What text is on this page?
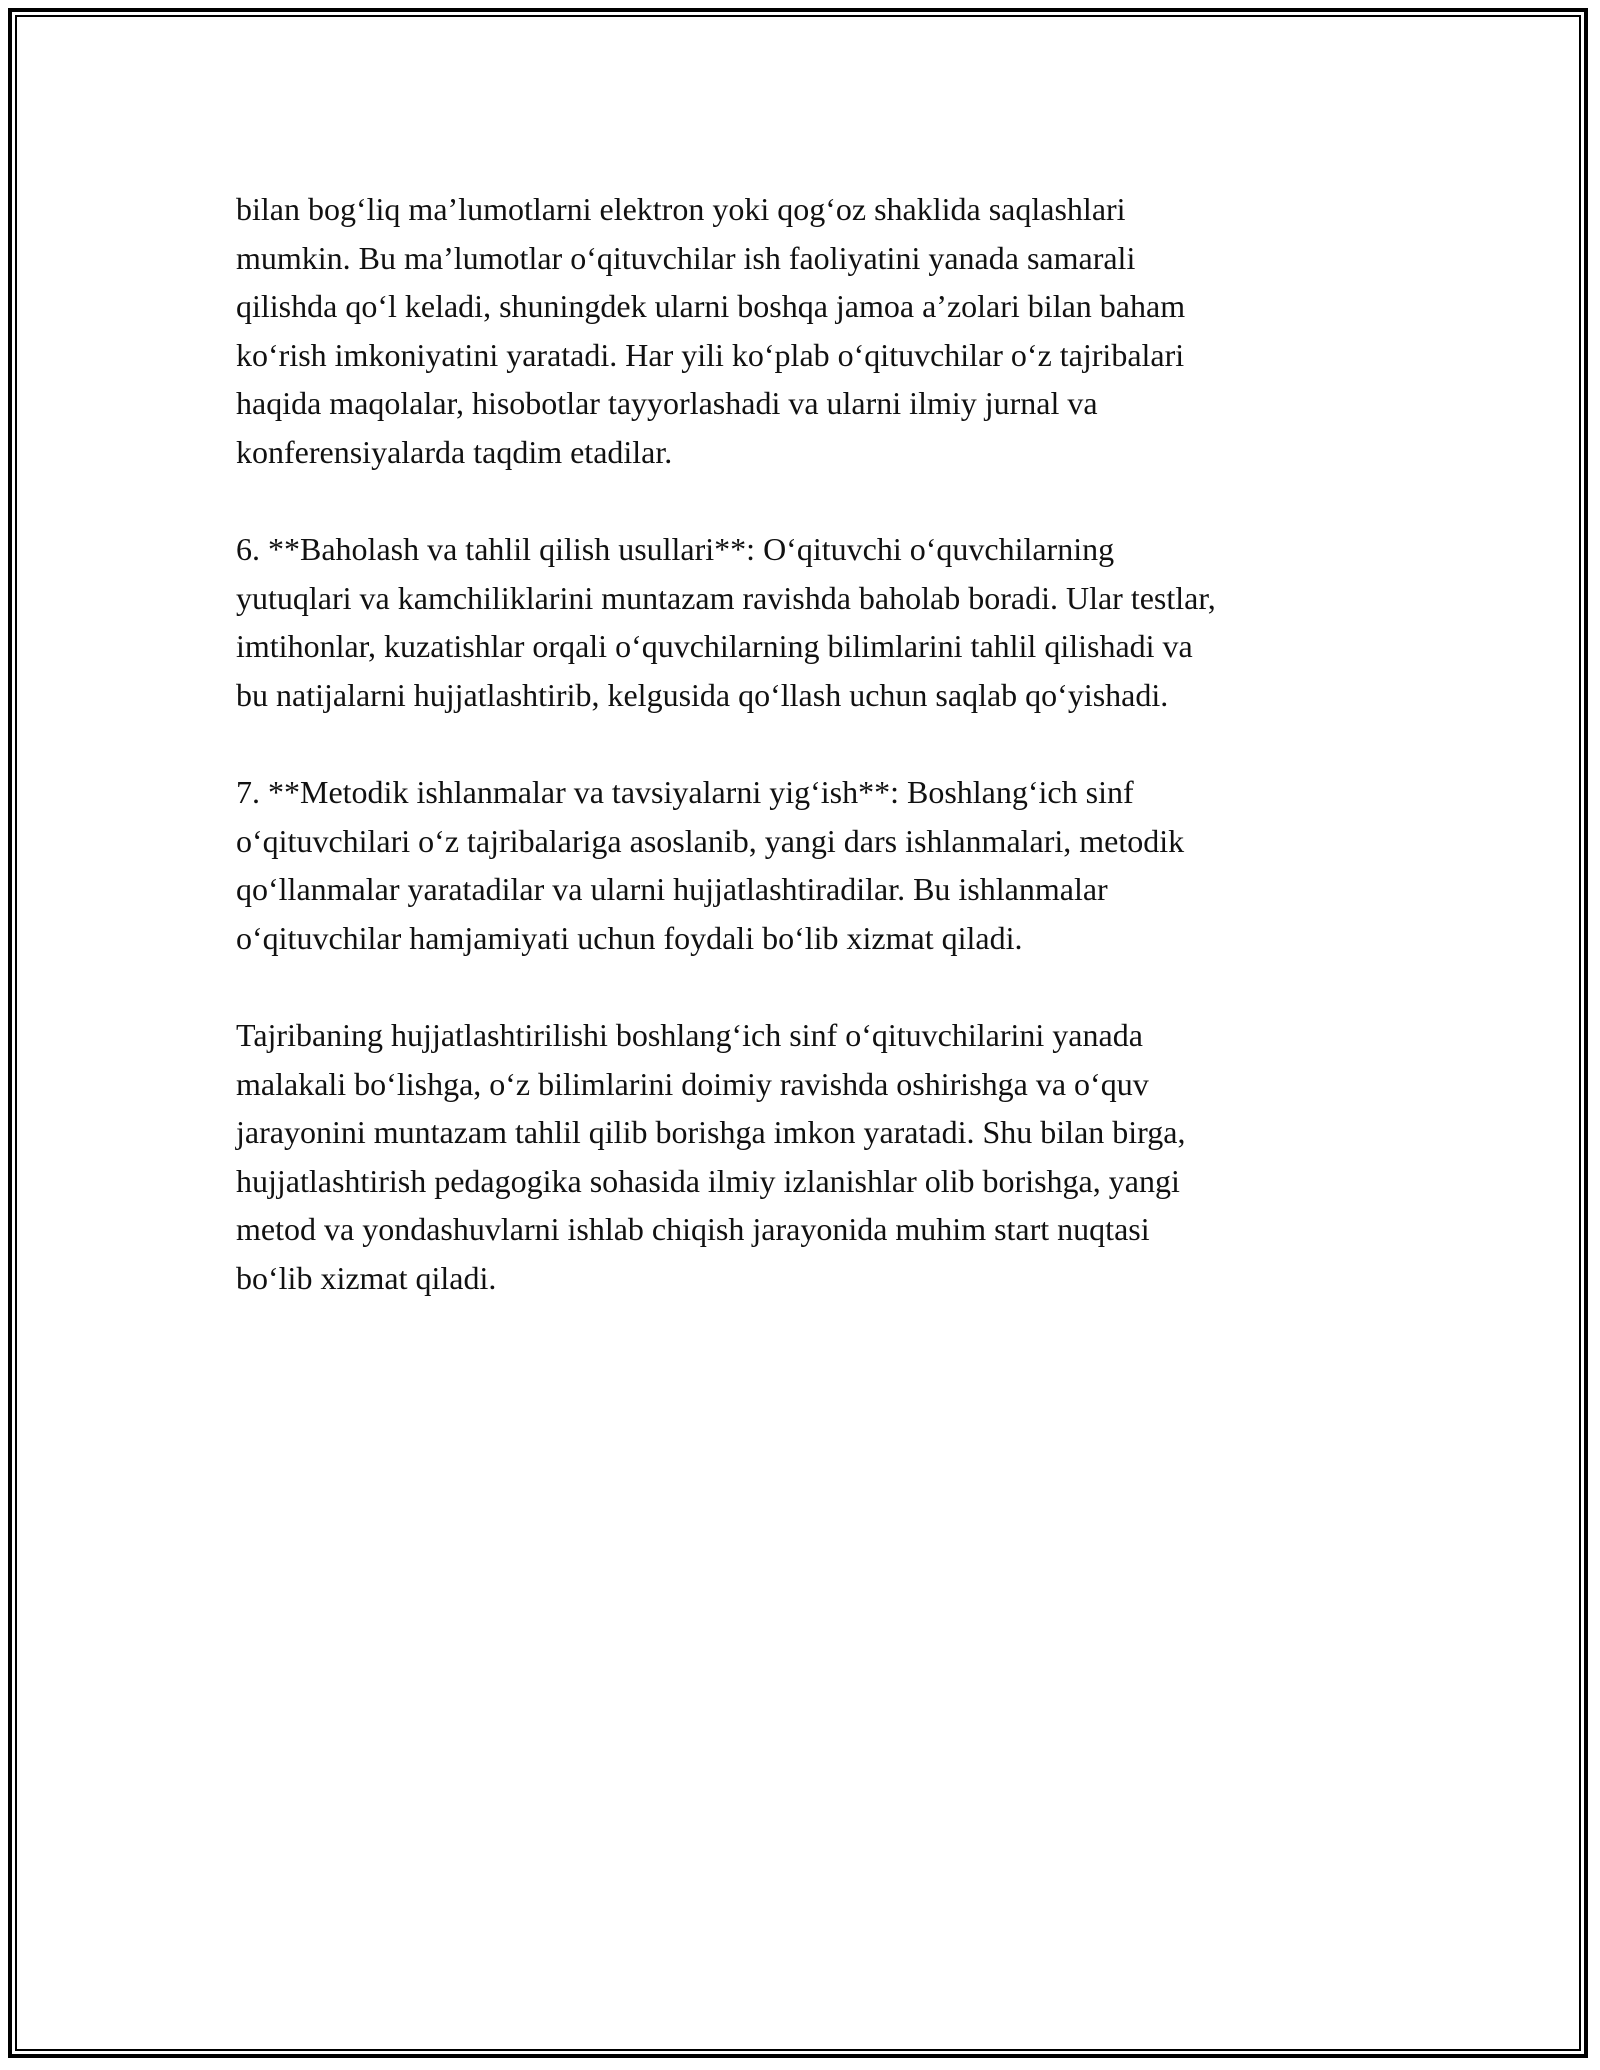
bilan bog‘liq ma’lumotlarni elektron yoki qog‘oz shaklida saqlashlari
mumkin. Bu ma’lumotlar o‘qituvchilar ish faoliyatini yanada samarali
qilishda qo‘l keladi, shuningdek ularni boshqa jamoa a’zolari bilan baham
ko‘rish imkoniyatini yaratadi. Har yili ko‘plab o‘qituvchilar o‘z tajribalari
haqida maqolalar, hisobotlar tayyorlashadi va ularni ilmiy jurnal va
konferensiyalarda taqdim etadilar.

6. **Baholash va tahlil qilish usullari**: O‘qituvchi o‘quvchilarning
yutuqlari va kamchiliklarini muntazam ravishda baholab boradi. Ular testlar,
imtihonlar, kuzatishlar orqali o‘quvchilarning bilimlarini tahlil qilishadi va
bu natijalarni hujjatlashtirib, kelgusida qo‘llash uchun saqlab qo‘yishadi.

7. **Metodik ishlanmalar va tavsiyalarni yig‘ish**: Boshlang‘ich sinf
o‘qituvchilari o‘z tajribalariga asoslanib, yangi dars ishlanmalari, metodik
qo‘llanmalar yaratadilar va ularni hujjatlashtiradilar. Bu ishlanmalar
o‘qituvchilar hamjamiyati uchun foydali bo‘lib xizmat qiladi.

Tajribaning hujjatlashtirilishi boshlang‘ich sinf o‘qituvchilarini yanada
malakali bo‘lishga, o‘z bilimlarini doimiy ravishda oshirishga va o‘quv
jarayonini muntazam tahlil qilib borishga imkon yaratadi. Shu bilan birga,
hujjatlashtirish pedagogika sohasida ilmiy izlanishlar olib borishga, yangi
metod va yondashuvlarni ishlab chiqish jarayonida muhim start nuqtasi
bo‘lib xizmat qiladi.
